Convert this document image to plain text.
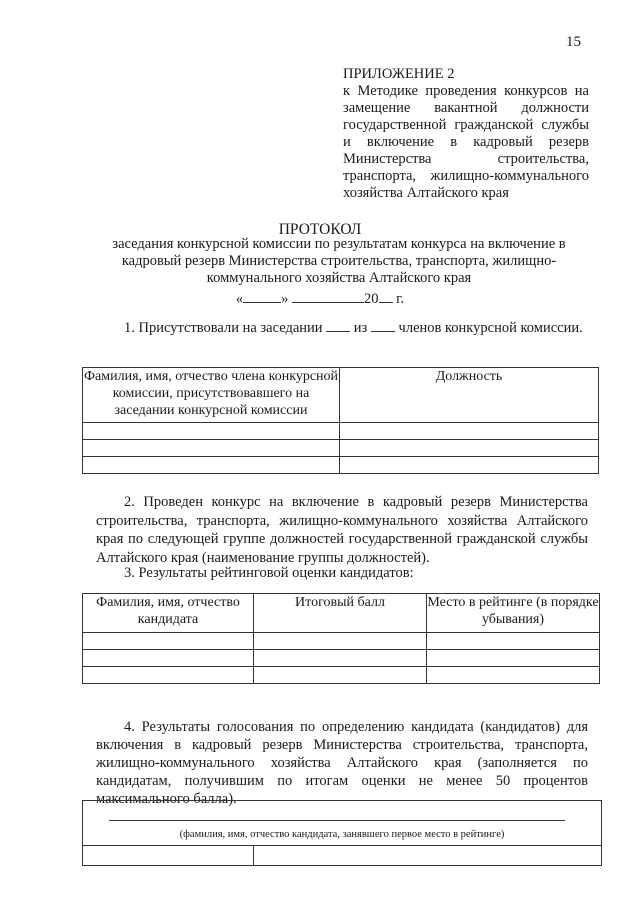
15
ПРИЛОЖЕНИЕ 2
к Методике проведения конкурсов на замещение вакантной должности государственной гражданской службы и включение в кадровый резерв Министерства строительства, транспорта, жилищно-коммунального хозяйства Алтайского края
ПРОТОКОЛ
заседания конкурсной комиссии по результатам конкурса на включение в кадровый резерв Министерства строительства, транспорта, жилищно-коммунального хозяйства Алтайского края
«	»	20 г.
1. Присутствовали на заседании из членов конкурсной комиссии.
Фамилия, имя, отчество члена конкурсной комиссии, присутствовавшего на заседании конкурсной комиссии	Должность

2. Проведен конкурс на включение в кадровый резерв Министерства строительства, транспорта, жилищно-коммунального хозяйства Алтайского края по следующей группе должностей государственной гражданской службы Алтайского края (наименование группы должностей).
3. Результаты рейтинговой оценки кандидатов:
Фамилия, имя, отчество кандидата	Итоговый балл	Место в рейтинге (в порядке убывания)

4. Результаты голосования по определению кандидата (кандидатов) для включения в кадровый резерв Министерства строительства, транспорта, жилищно-коммунального хозяйства Алтайского края (заполняется по кандидатам, получившим по итогам оценки не менее 50 процентов максимального балла).
(фамилия, имя, отчество кандидата, занявшего первое место в рейтинге)
